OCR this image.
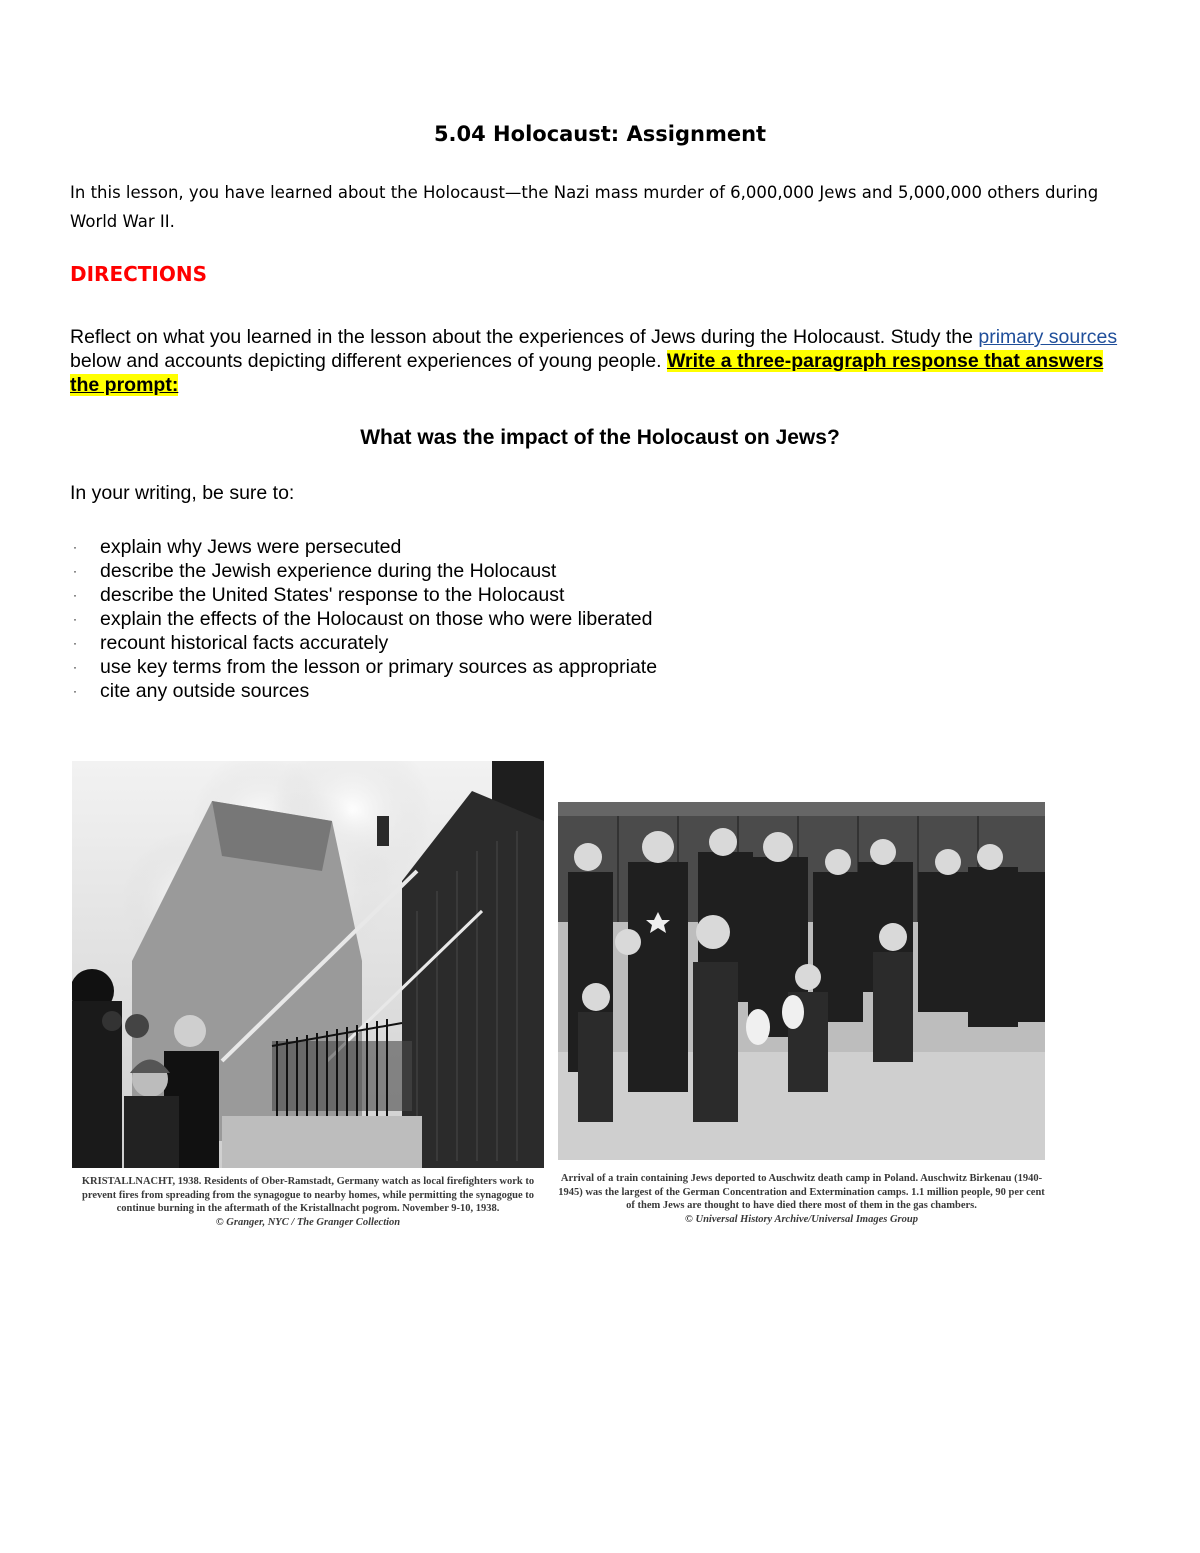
5.04 Holocaust: Assignment
In this lesson, you have learned about the Holocaust—the Nazi mass murder of 6,000,000 Jews and 5,000,000 others during World War II.
DIRECTIONS
Reflect on what you learned in the lesson about the experiences of Jews during the Holocaust. Study the primary sources below and accounts depicting different experiences of young people. Write a three-paragraph response that answers the prompt:
What was the impact of the Holocaust on Jews?
In your writing, be sure to:
· explain why Jews were persecuted
· describe the Jewish experience during the Holocaust
· describe the United States' response to the Holocaust
· explain the effects of the Holocaust on those who were liberated
· recount historical facts accurately
· use key terms from the lesson or primary sources as appropriate
· cite any outside sources
KRISTALLNACHT, 1938. Residents of Ober-Ramstadt, Germany watch as local firefighters work to prevent fires from spreading from the synagogue to nearby homes, while permitting the synagogue to continue burning in the aftermath of the Kristallnacht pogrom. November 9-10, 1938.
© Granger, NYC / The Granger Collection
Arrival of a train containing Jews deported to Auschwitz death camp in Poland. Auschwitz Birkenau (1940-1945) was the largest of the German Concentration and Extermination camps. 1.1 million people, 90 per cent of them Jews are thought to have died there most of them in the gas chambers.
© Universal History Archive/Universal Images Group
